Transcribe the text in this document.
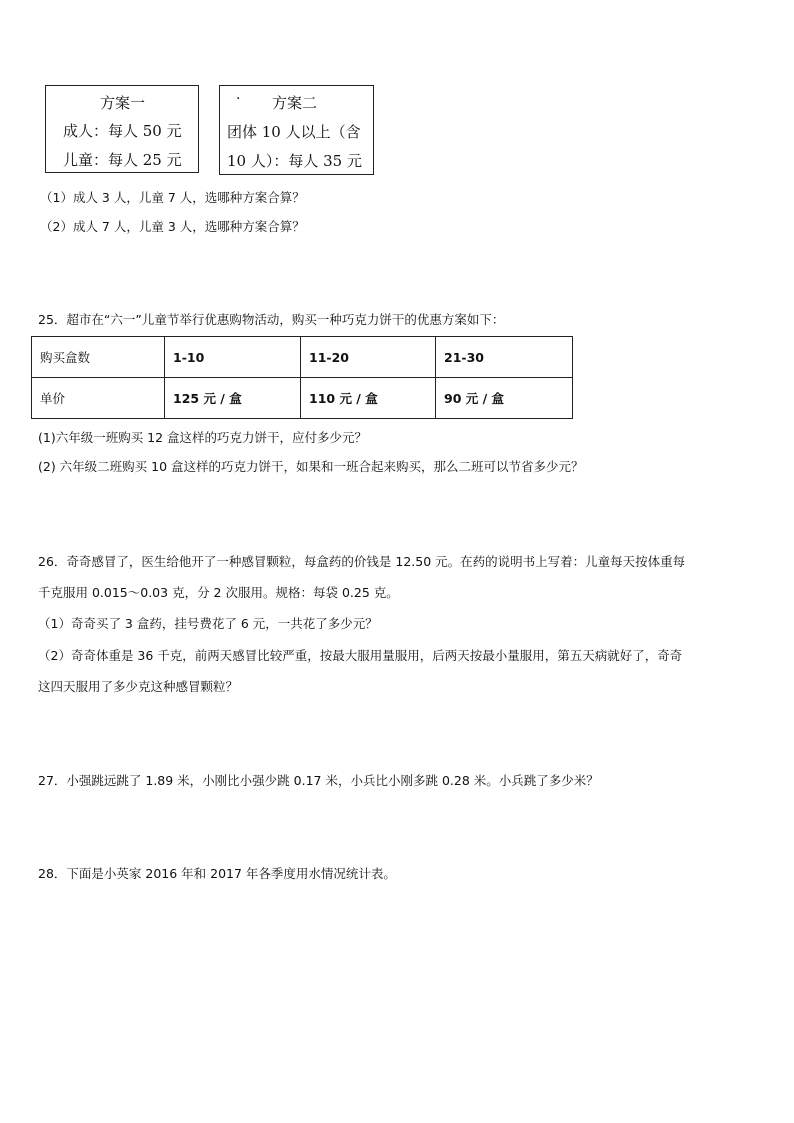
方案一
成人：每人 50 元
儿童：每人 25 元
· 方案二
团体 10 人以上（含
10 人）：每人 35 元
（1）成人 3 人，儿童 7 人，选哪种方案合算？
（2）成人 7 人，儿童 3 人，选哪种方案合算？
25．超市在“六一”儿童节举行优惠购物活动，购买一种巧克力饼干的优惠方案如下：
购买盒数	1-10	11-20	21-30
单价	125 元 / 盒	110 元 / 盒	90 元 / 盒
(1)六年级一班购买 12 盒这样的巧克力饼干，应付多少元？
(2) 六年级二班购买 10 盒这样的巧克力饼干，如果和一班合起来购买，那么二班可以节省多少元？
26．奇奇感冒了，医生给他开了一种感冒颗粒，每盒药的价钱是 12.50 元。在药的说明书上写着：儿童每天按体重每
千克服用 0.015～0.03 克，分 2 次服用。规格：每袋 0.25 克。
（1）奇奇买了 3 盒药，挂号费花了 6 元，一共花了多少元？
（2）奇奇体重是 36 千克，前两天感冒比较严重，按最大服用量服用，后两天按最小量服用，第五天病就好了，奇奇
这四天服用了多少克这种感冒颗粒？
27．小强跳远跳了 1.89 米，小刚比小强少跳 0.17 米，小兵比小刚多跳 0.28 米。小兵跳了多少米？
28．下面是小英家 2016 年和 2017 年各季度用水情况统计表。
